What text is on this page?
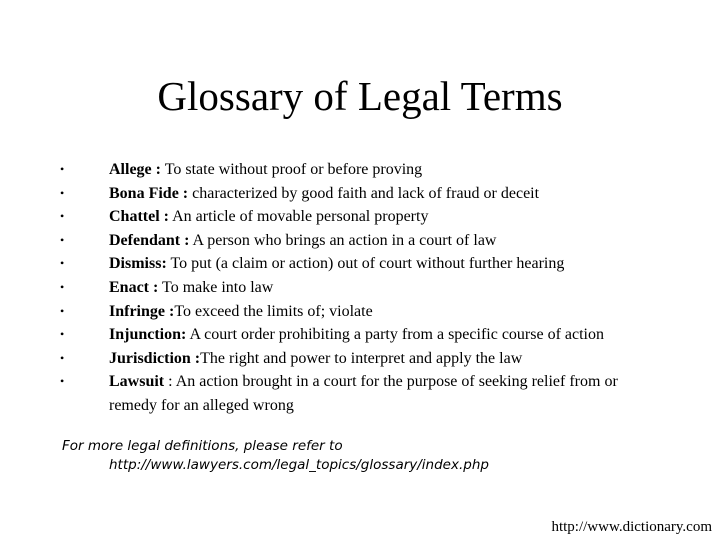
Glossary of Legal Terms
•	Allege : To state without proof or before proving
•	Bona Fide : characterized by good faith and lack of fraud or deceit
•	Chattel : An article of movable personal property
•	Defendant : A person who brings an action in a court of law
•	Dismiss: To put (a claim or action) out of court without further hearing
•	Enact : To make into law
•	Infringe :To exceed the limits of; violate
•	Injunction: A court order prohibiting a party from a specific course of action
•	Jurisdiction :The right and power to interpret and apply the law
•	Lawsuit : An action brought in a court for the purpose of seeking relief from or remedy for an alleged wrong
For more legal definitions, please refer to
http://www.lawyers.com/legal_topics/glossary/index.php
http://www.dictionary.com
